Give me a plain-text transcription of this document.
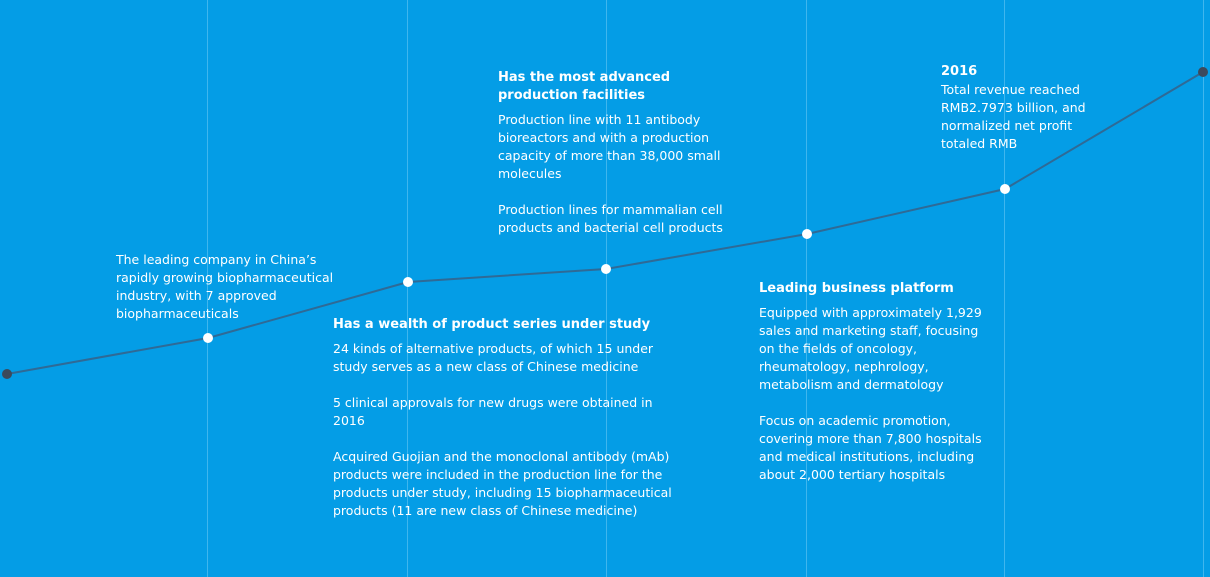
The leading company in China’s rapidly growing biopharmaceutical industry, with 7 approved biopharmaceuticals

Has a wealth of product series under study

24 kinds of alternative products, of which 15 under study serves as a new class of Chinese medicine

5 clinical approvals for new drugs were obtained in 2016

Acquired Guojian and the monoclonal antibody (mAb) products were included in the production line for the products under study, including 15 biopharmaceutical products (11 are new class of Chinese medicine)

Has the most advanced production facilities

Production line with 11 antibody bioreactors and with a production capacity of more than 38,000 small molecules

Production lines for mammalian cell products and bacterial cell products

Leading business platform

Equipped with approximately 1,929 sales and marketing staff, focusing on the fields of oncology, rheumatology, nephrology, metabolism and dermatology

Focus on academic promotion, covering more than 7,800 hospitals and medical institutions, including about 2,000 tertiary hospitals

2016

Total revenue reached RMB2.7973 billion, and normalized net profit totaled RMB
